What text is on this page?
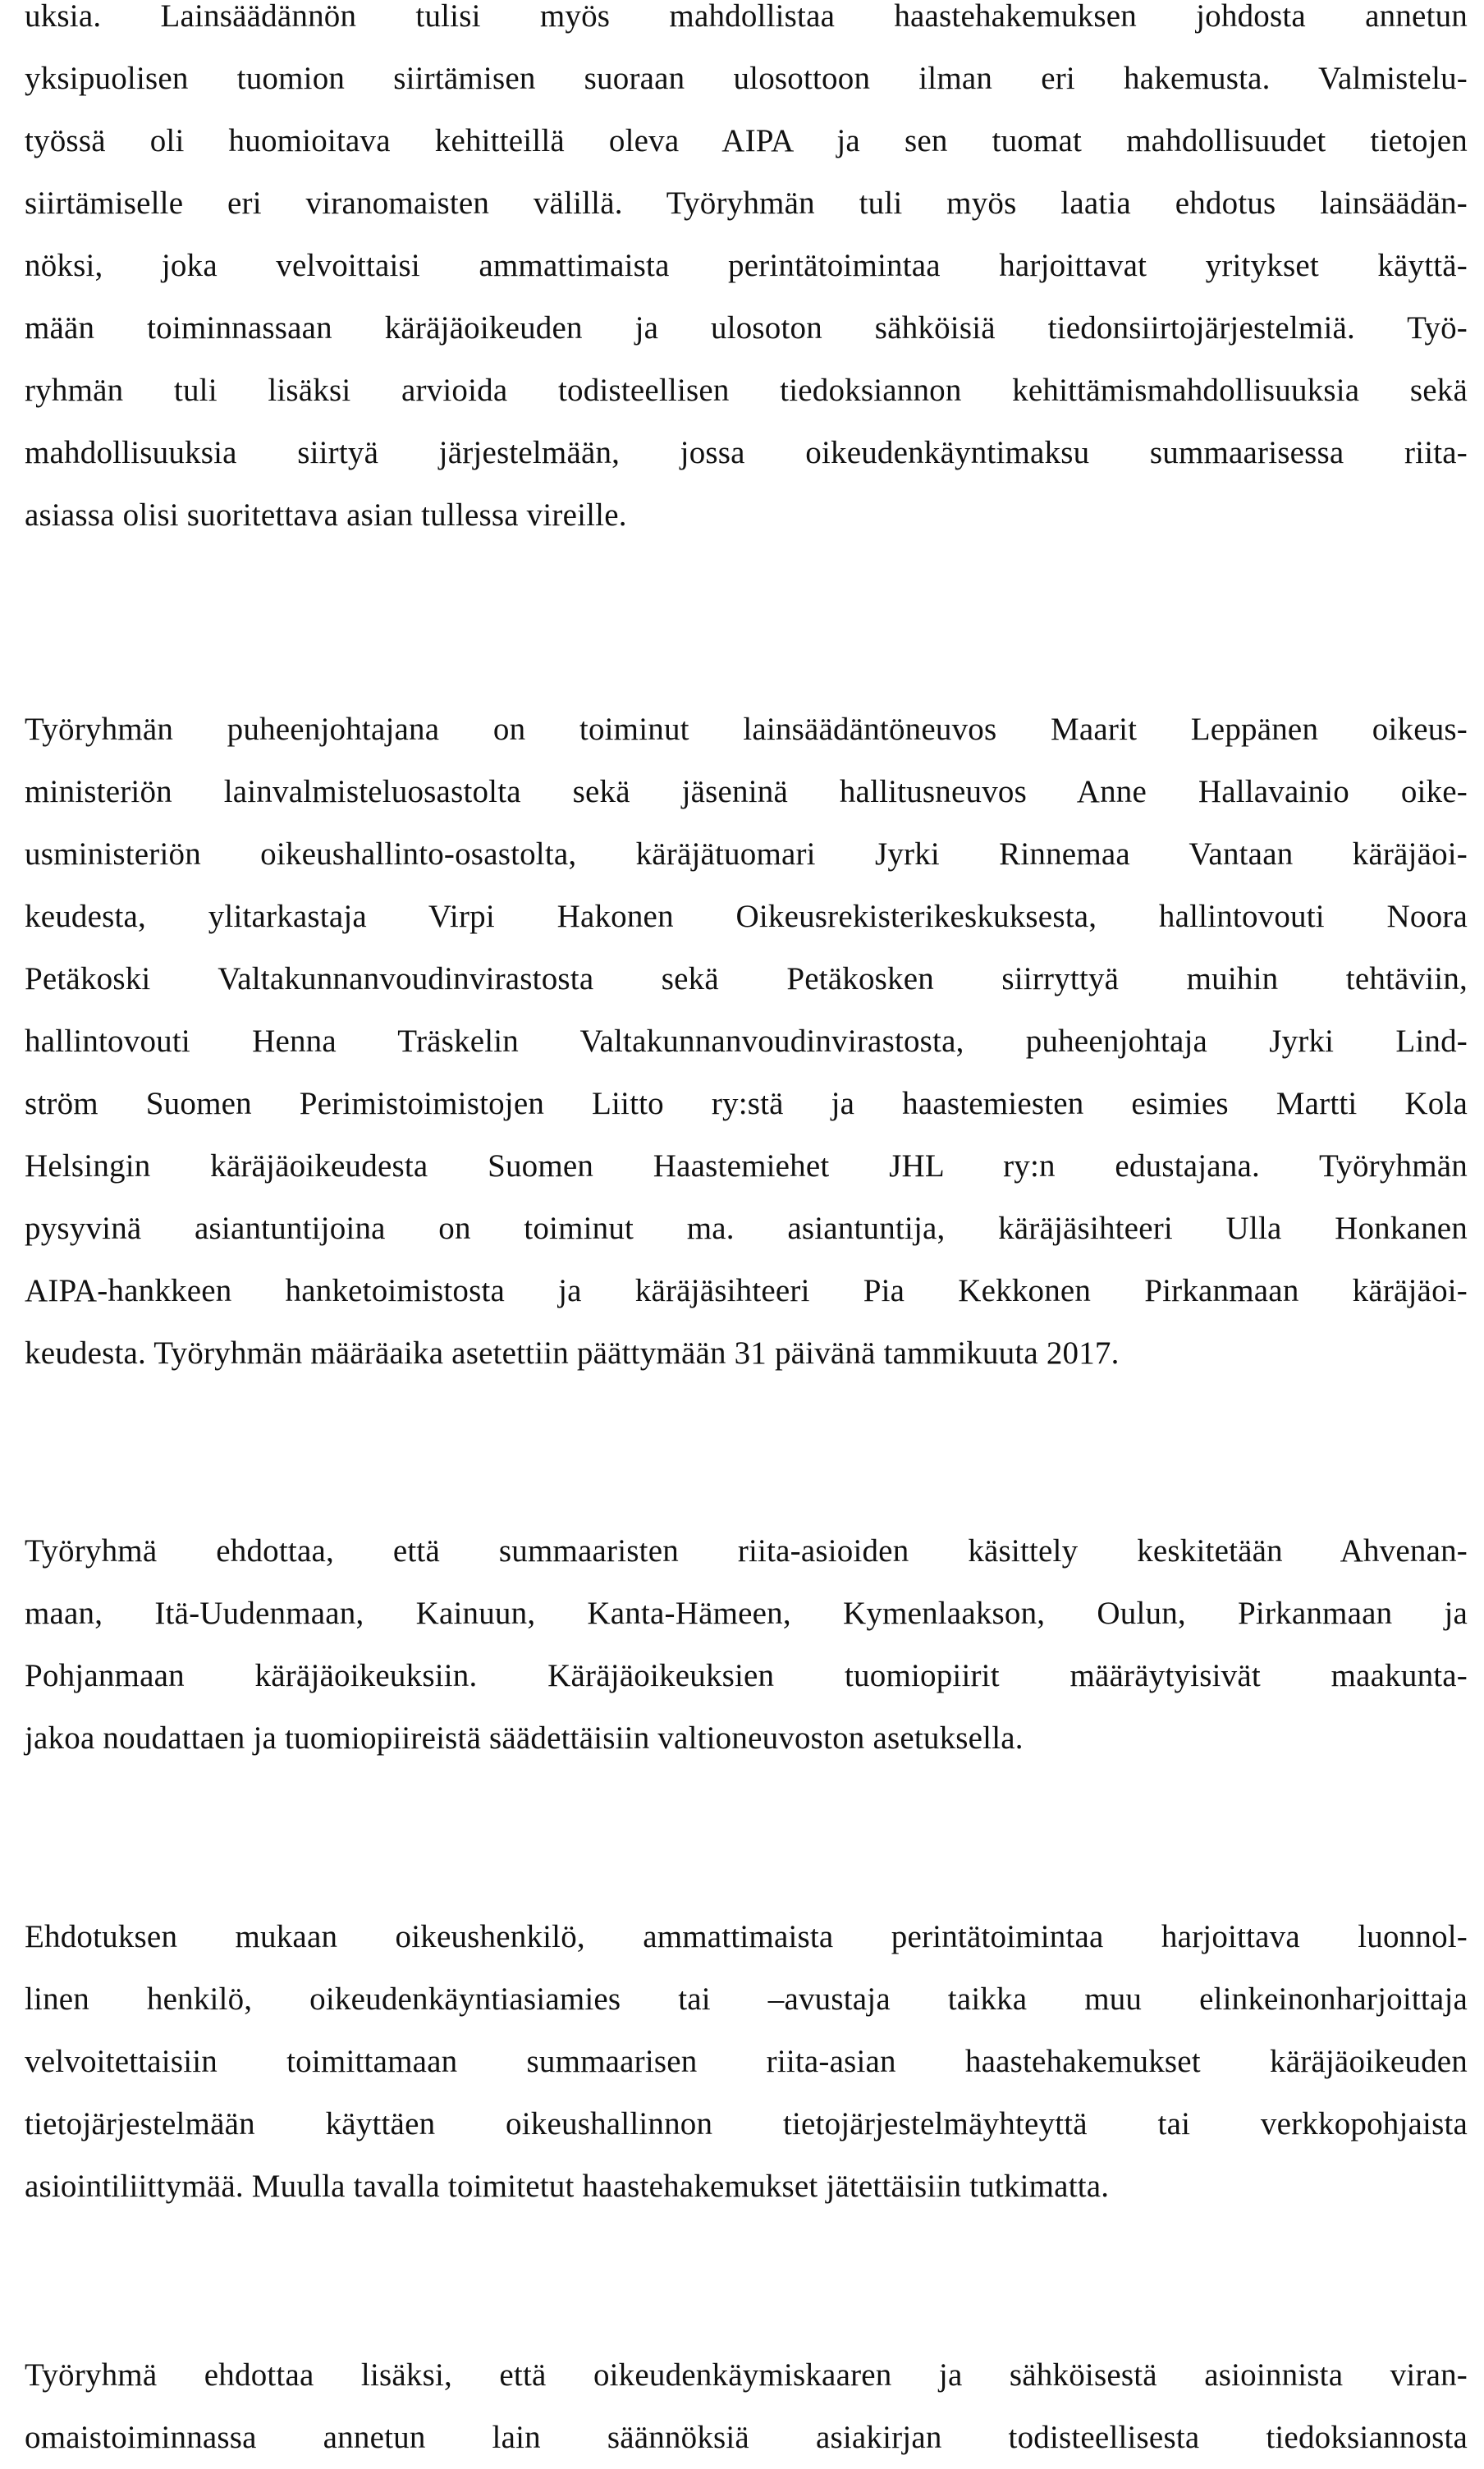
uksia. Lainsäädännön tulisi myös mahdollistaa haastehakemuksen johdosta annetun
yksipuolisen tuomion siirtämisen suoraan ulosottoon ilman eri hakemusta. Valmistelu-
työssä oli huomioitava kehitteillä oleva AIPA ja sen tuomat mahdollisuudet tietojen
siirtämiselle eri viranomaisten välillä. Työryhmän tuli myös laatia ehdotus lainsäädän-
nöksi, joka velvoittaisi ammattimaista perintätoimintaa harjoittavat yritykset käyttä-
mään toiminnassaan käräjäoikeuden ja ulosoton sähköisiä tiedonsiirtojärjestelmiä. Työ-
ryhmän tuli lisäksi arvioida todisteellisen tiedoksiannon kehittämismahdollisuuksia sekä
mahdollisuuksia siirtyä järjestelmään, jossa oikeudenkäyntimaksu summaarisessa riita-
asiassa olisi suoritettava asian tullessa vireille.
Työryhmän puheenjohtajana on toiminut lainsäädäntöneuvos Maarit Leppänen oikeus-
ministeriön lainvalmisteluosastolta sekä jäseninä hallitusneuvos Anne Hallavainio oike-
usministeriön oikeushallinto-osastolta, käräjätuomari Jyrki Rinnemaa Vantaan käräjäoi-
keudesta, ylitarkastaja Virpi Hakonen Oikeusrekisterikeskuksesta, hallintovouti Noora
Petäkoski Valtakunnanvoudinvirastosta sekä Petäkosken siirryttyä muihin tehtäviin,
hallintovouti Henna Träskelin Valtakunnanvoudinvirastosta, puheenjohtaja Jyrki Lind-
ström Suomen Perimistoimistojen Liitto ry:stä ja haastemiesten esimies Martti Kola
Helsingin käräjäoikeudesta Suomen Haastemiehet JHL ry:n edustajana. Työryhmän
pysyvinä asiantuntijoina on toiminut ma. asiantuntija, käräjäsihteeri Ulla Honkanen
AIPA-hankkeen hanketoimistosta ja käräjäsihteeri Pia Kekkonen Pirkanmaan käräjäoi-
keudesta. Työryhmän määräaika asetettiin päättymään 31 päivänä tammikuuta 2017.
Työryhmä ehdottaa, että summaaristen riita-asioiden käsittely keskitetään Ahvenan-
maan, Itä-Uudenmaan, Kainuun, Kanta-Hämeen, Kymenlaakson, Oulun, Pirkanmaan ja
Pohjanmaan käräjäoikeuksiin. Käräjäoikeuksien tuomiopiirit määräytyisivät maakunta-
jakoa noudattaen ja tuomiopiireistä säädettäisiin valtioneuvoston asetuksella.
Ehdotuksen mukaan oikeushenkilö, ammattimaista perintätoimintaa harjoittava luonnol-
linen henkilö, oikeudenkäyntiasiamies tai –avustaja taikka muu elinkeinonharjoittaja
velvoitettaisiin toimittamaan summaarisen riita-asian haastehakemukset käräjäoikeuden
tietojärjestelmään käyttäen oikeushallinnon tietojärjestelmäyhteyttä tai verkkopohjaista
asiointiliittymää. Muulla tavalla toimitetut haastehakemukset jätettäisiin tutkimatta.
Työryhmä ehdottaa lisäksi, että oikeudenkäymiskaaren ja sähköisestä asioinnista viran-
omaistoiminnassa annetun lain säännöksiä asiakirjan todisteellisesta tiedoksiannosta
